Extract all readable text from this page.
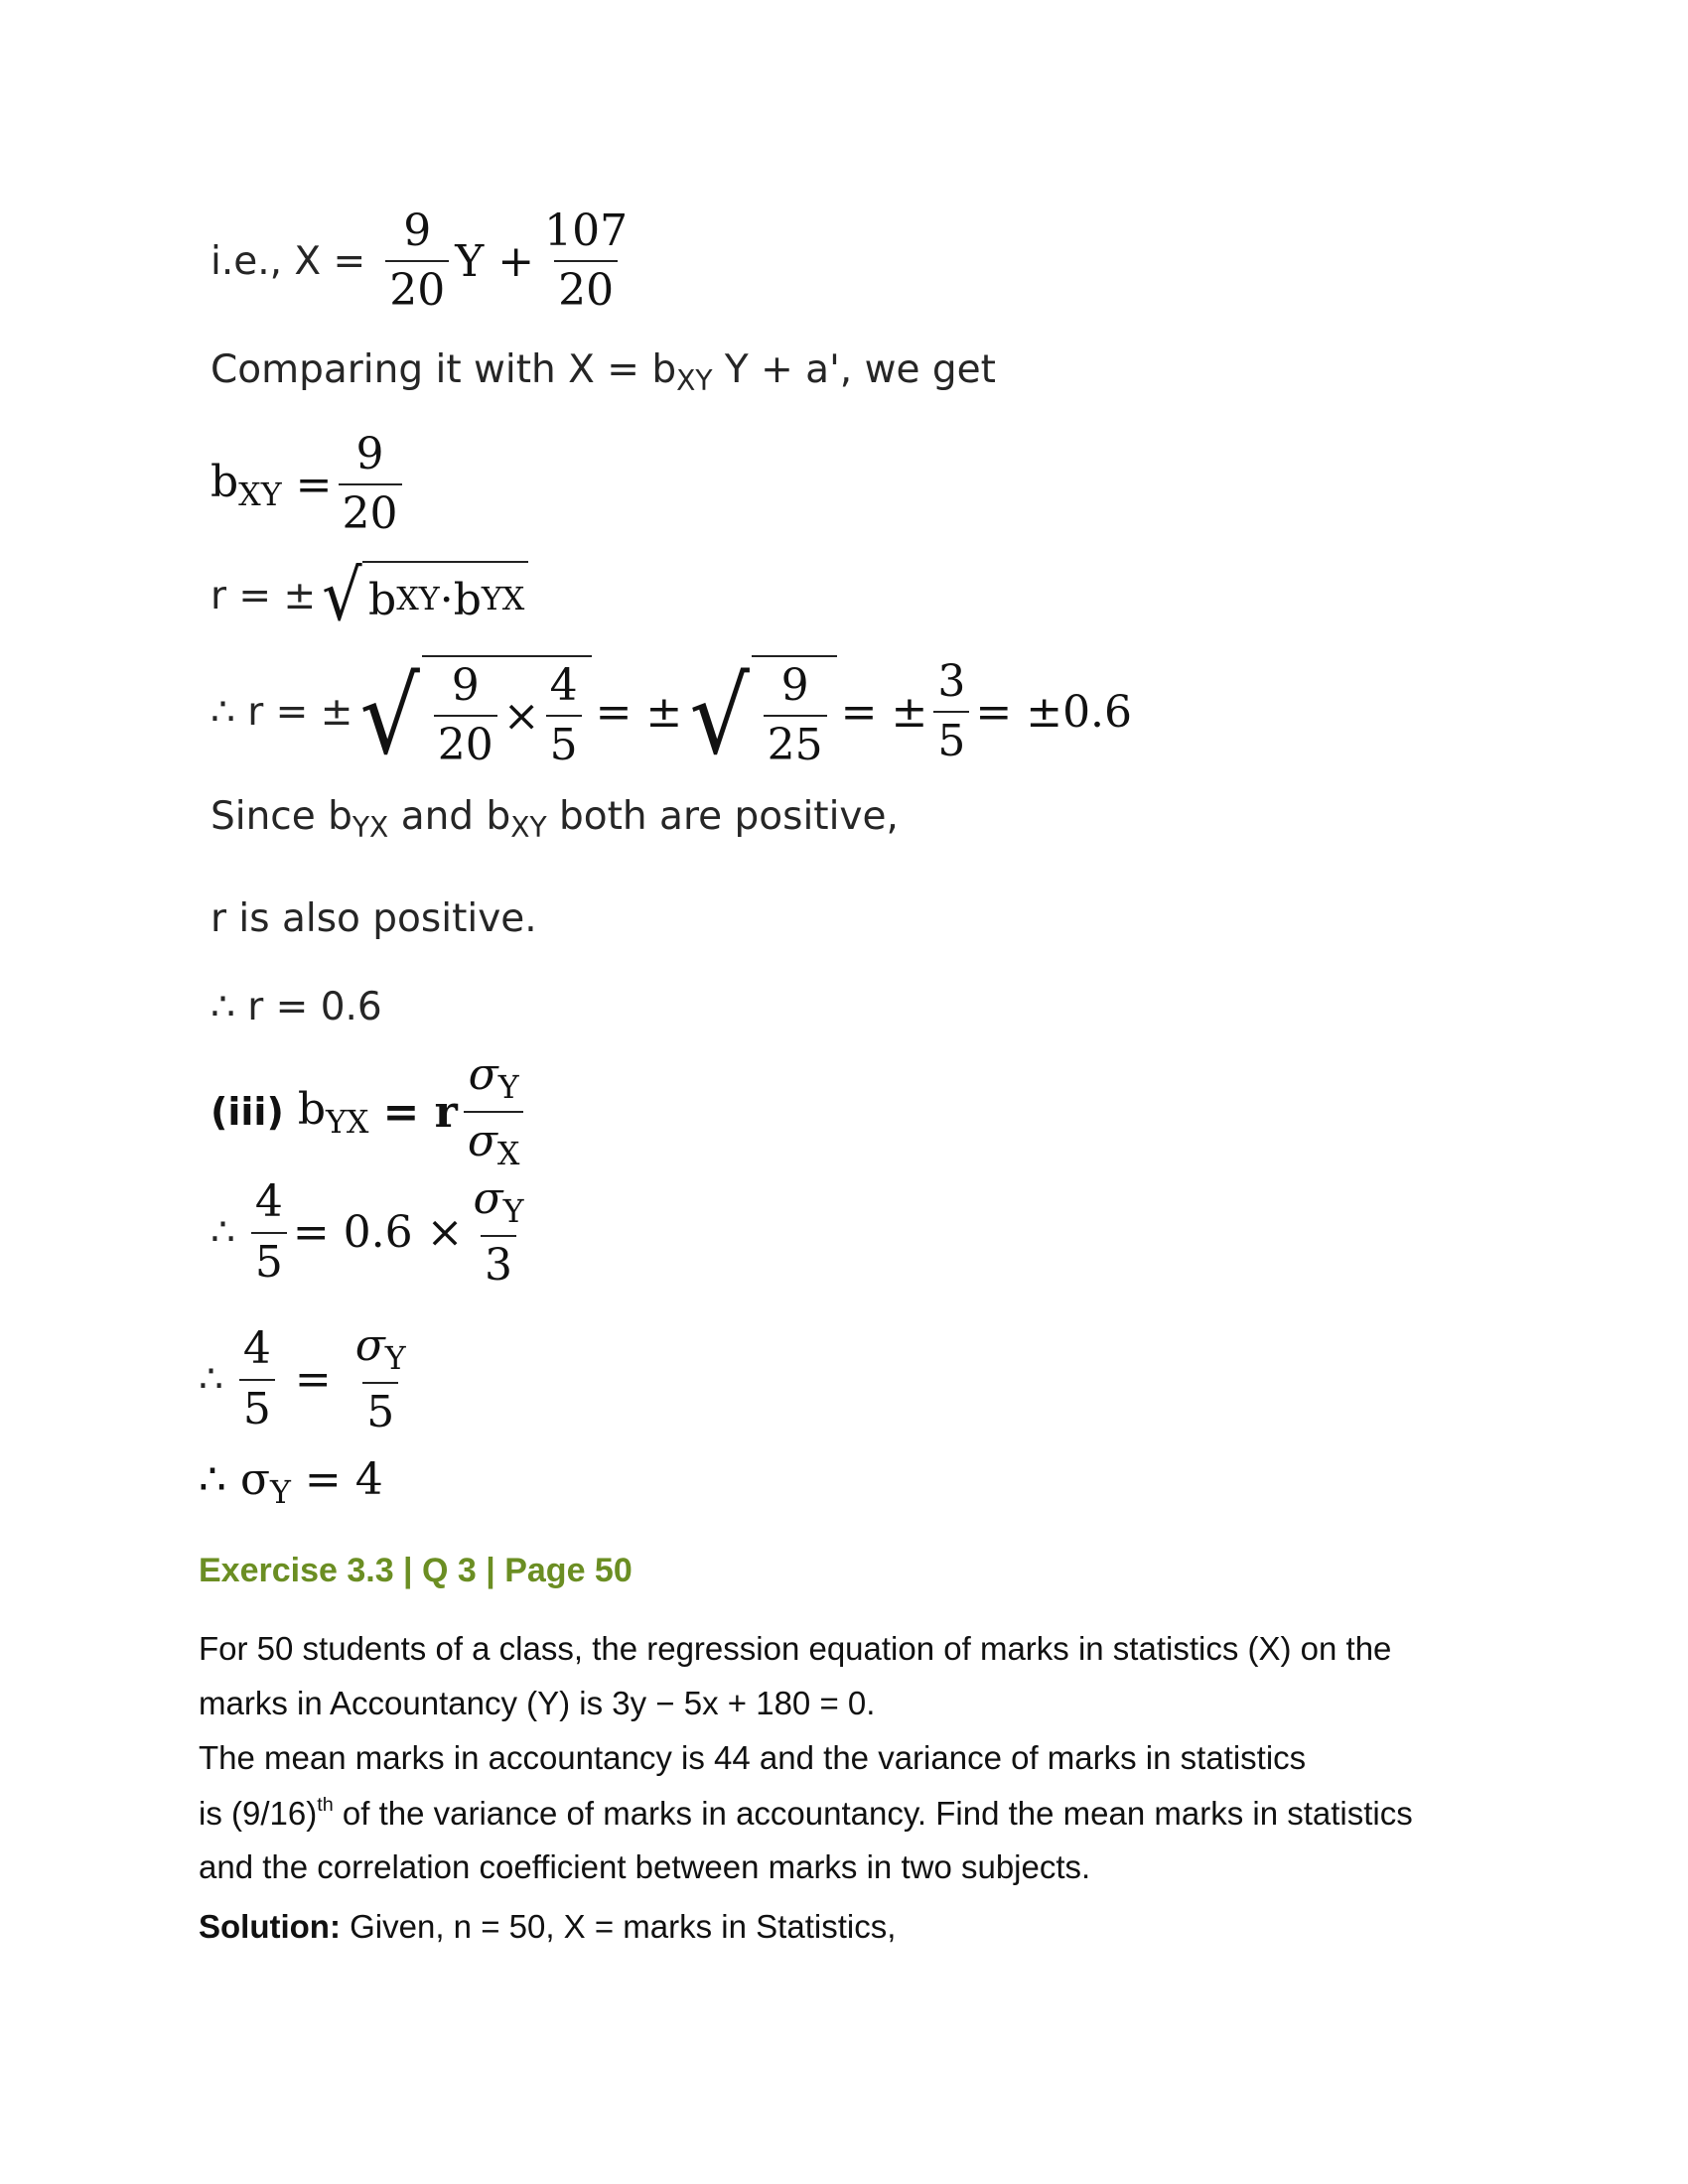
i.e., $X = \frac{9}{20}$ $Y + \frac{107}{20}$
Comparing it with $X = b_{XY}$ Y + a', we get
$b_{XY} = \frac{9}{20}$
r = ± √ b XY · b YX
∴ r = ± √ $\frac{9}{20} \times \frac{4}{5}$ = ± √ $\frac{9}{25}$ = ± $\frac{3}{5} = \pm 0.6$
Since $b_{YX}$ and $b_{XY}$ both are positive,
r is also positive.
∴ r = 0.6
(iii) $b_{YX} = r \frac{\sigma_Y}{\sigma_X}$
∴ $\frac{4}{5} = 0.6 \times \frac{\sigma_Y}{3}$
∴ $\frac{4}{5} = \frac{\sigma_Y}{5}$
∴ $\sigma_Y = 4$
Exercise 3.3 | Q 3 | Page 50
For 50 students of a class, the regression equation of marks in statistics (X) on the
marks in Accountancy (Y) is 3y − 5x + 180 = 0.
The mean marks in accountancy is 44 and the variance of marks in statistics
is $(9/16)^{th}$ of the variance of marks in accountancy. Find the mean marks in statistics
and the correlation coefficient between marks in two subjects.
Solution: Given, n = 50, X = marks in Statistics,
